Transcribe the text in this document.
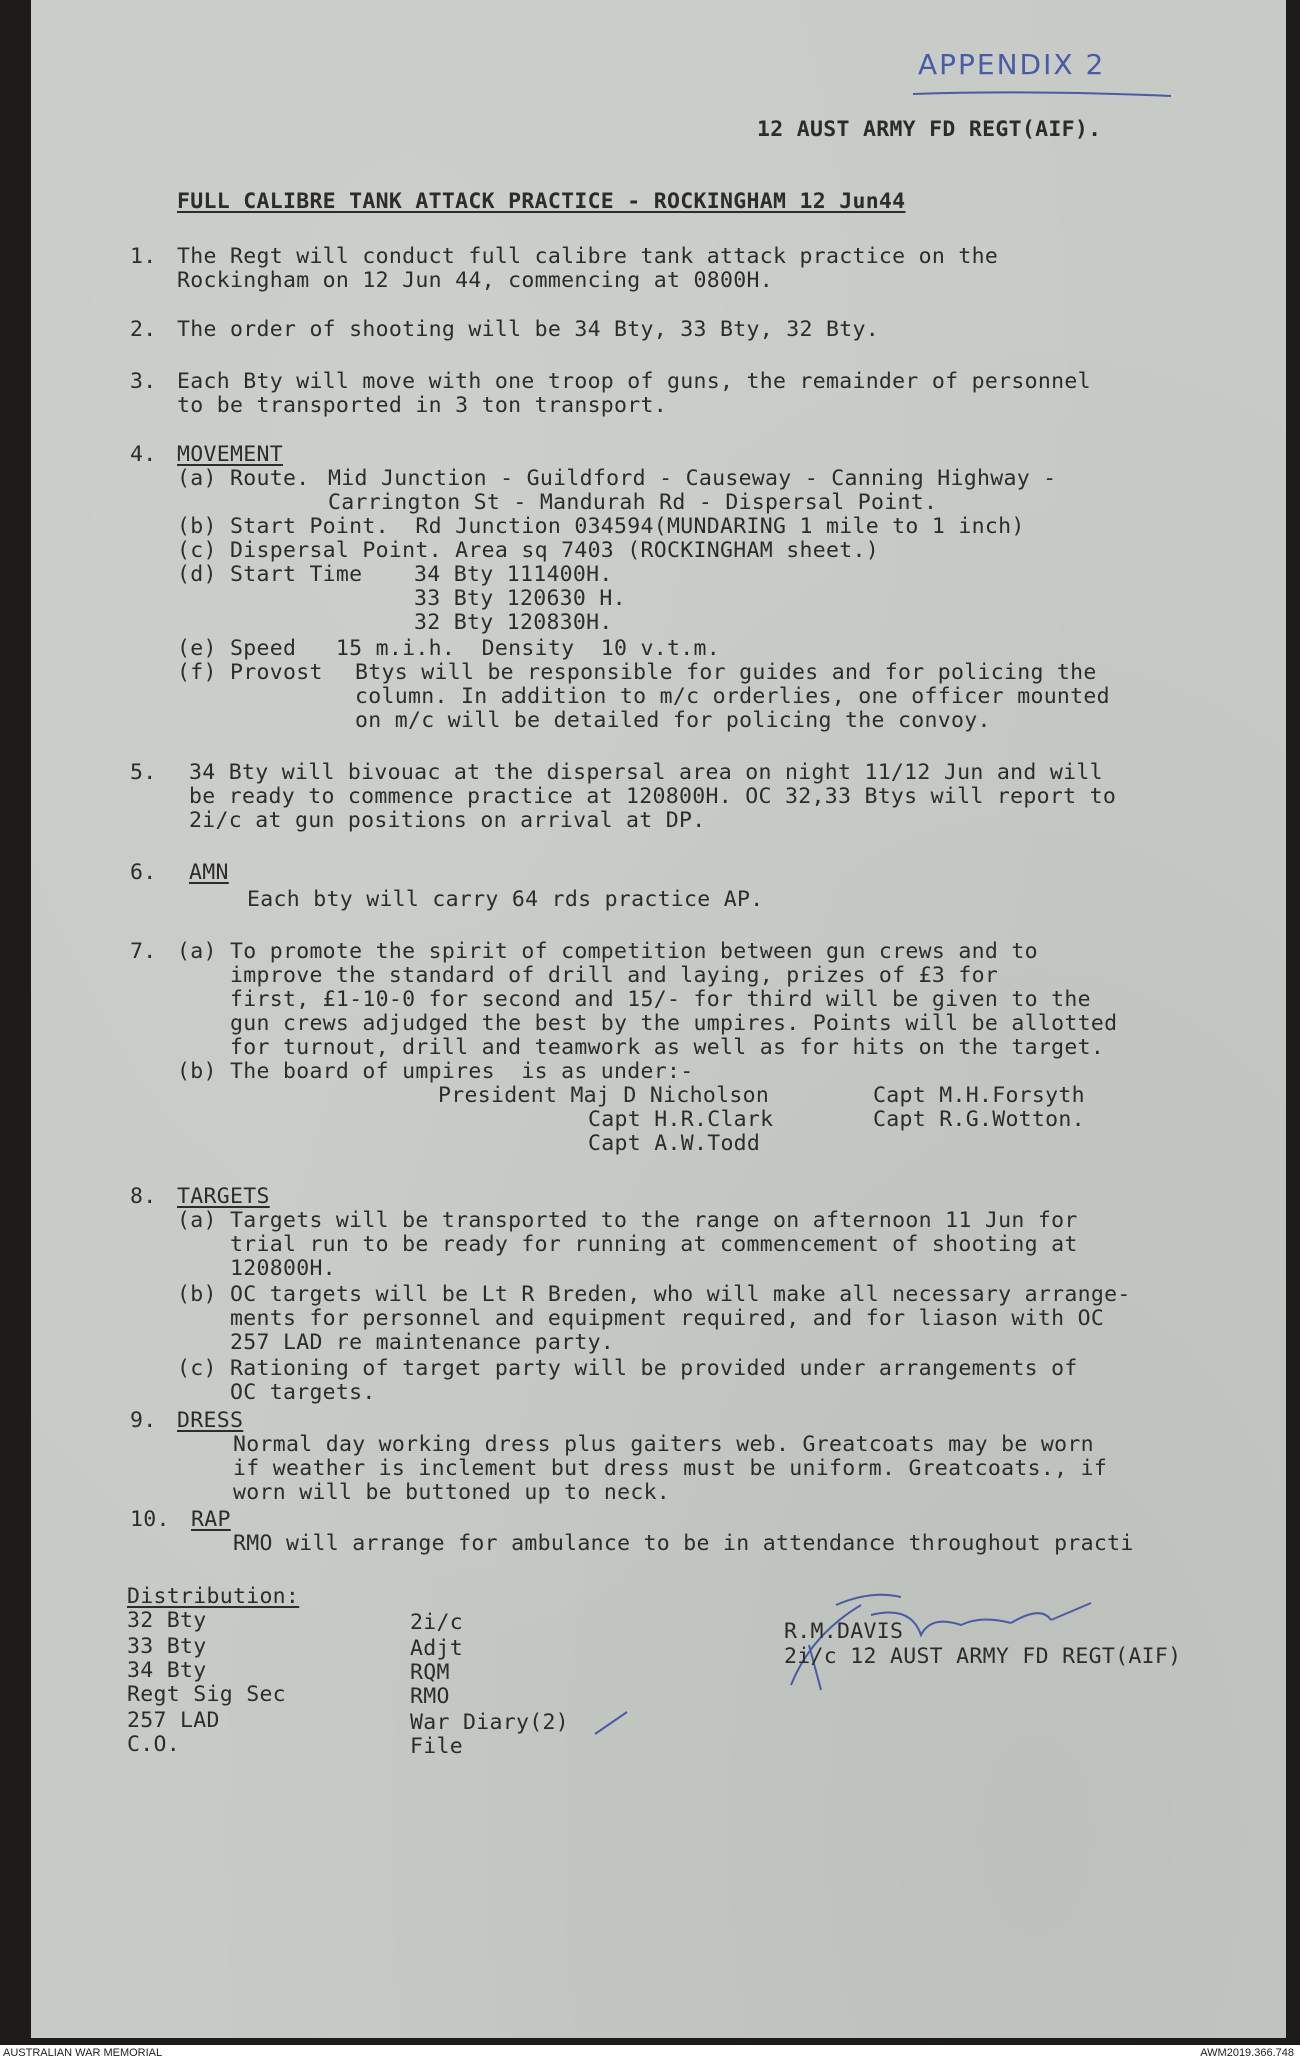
APPENDIX 2
12 AUST ARMY FD REGT(AIF).
FULL CALIBRE TANK ATTACK PRACTICE - ROCKINGHAM 12 Jun44
1. The Regt will conduct full calibre tank attack practice on the
Rockingham on 12 Jun 44, commencing at 0800H.
2. The order of shooting will be 34 Bty, 33 Bty, 32 Bty.
3. Each Bty will move with one troop of guns, the remainder of personnel
to be transported in 3 ton transport.
4. MOVEMENT
(a) Route. Mid Junction - Guildford - Causeway - Canning Highway -
Carrington St - Mandurah Rd - Dispersal Point.
(b) Start Point.  Rd Junction 034594(MUNDARING 1 mile to 1 inch)
(c) Dispersal Point. Area sq 7403 (ROCKINGHAM sheet.)
(d) Start Time 34 Bty 111400H.
33 Bty 120630 H.
32 Bty 120830H.
(e) Speed   15 m.i.h.  Density  10 v.t.m.
(f) Provost Btys will be responsible for guides and for policing the
column. In addition to m/c orderlies, one officer mounted
on m/c will be detailed for policing the convoy.
5. 34 Bty will bivouac at the dispersal area on night 11/12 Jun and will
be ready to commence practice at 120800H. OC 32,33 Btys will report to
2i/c at gun positions on arrival at DP.
6. AMN
Each bty will carry 64 rds practice AP.
7. (a) To promote the spirit of competition between gun crews and to
improve the standard of drill and laying, prizes of £3 for
first, £1-10-0 for second and 15/- for third will be given to the
gun crews adjudged the best by the umpires. Points will be allotted
for turnout, drill and teamwork as well as for hits on the target.
(b) The board of umpires  is as under:-
President Maj D Nicholson
Capt H.R.Clark
Capt A.W.Todd
Capt M.H.Forsyth
Capt R.G.Wotton.
8. TARGETS
(a) Targets will be transported to the range on afternoon 11 Jun for
trial run to be ready for running at commencement of shooting at
120800H.
(b) OC targets will be Lt R Breden, who will make all necessary arrange-
ments for personnel and equipment required, and for liason with OC
257 LAD re maintenance party.
(c) Rationing of target party will be provided under arrangements of
OC targets.
9. DRESS
Normal day working dress plus gaiters web. Greatcoats may be worn
if weather is inclement but dress must be uniform. Greatcoats., if
worn will be buttoned up to neck.
10. RAP
RMO will arrange for ambulance to be in attendance throughout practi
Distribution:
32 Bty
33 Bty
34 Bty
Regt Sig Sec
257 LAD
C.O.
2i/c
Adjt
RQM
RMO
War Diary(2)
File
R.M.DAVIS
2i/c 12 AUST ARMY FD REGT(AIF)
AUSTRALIAN WAR MEMORIAL	AWM2019.366.748
